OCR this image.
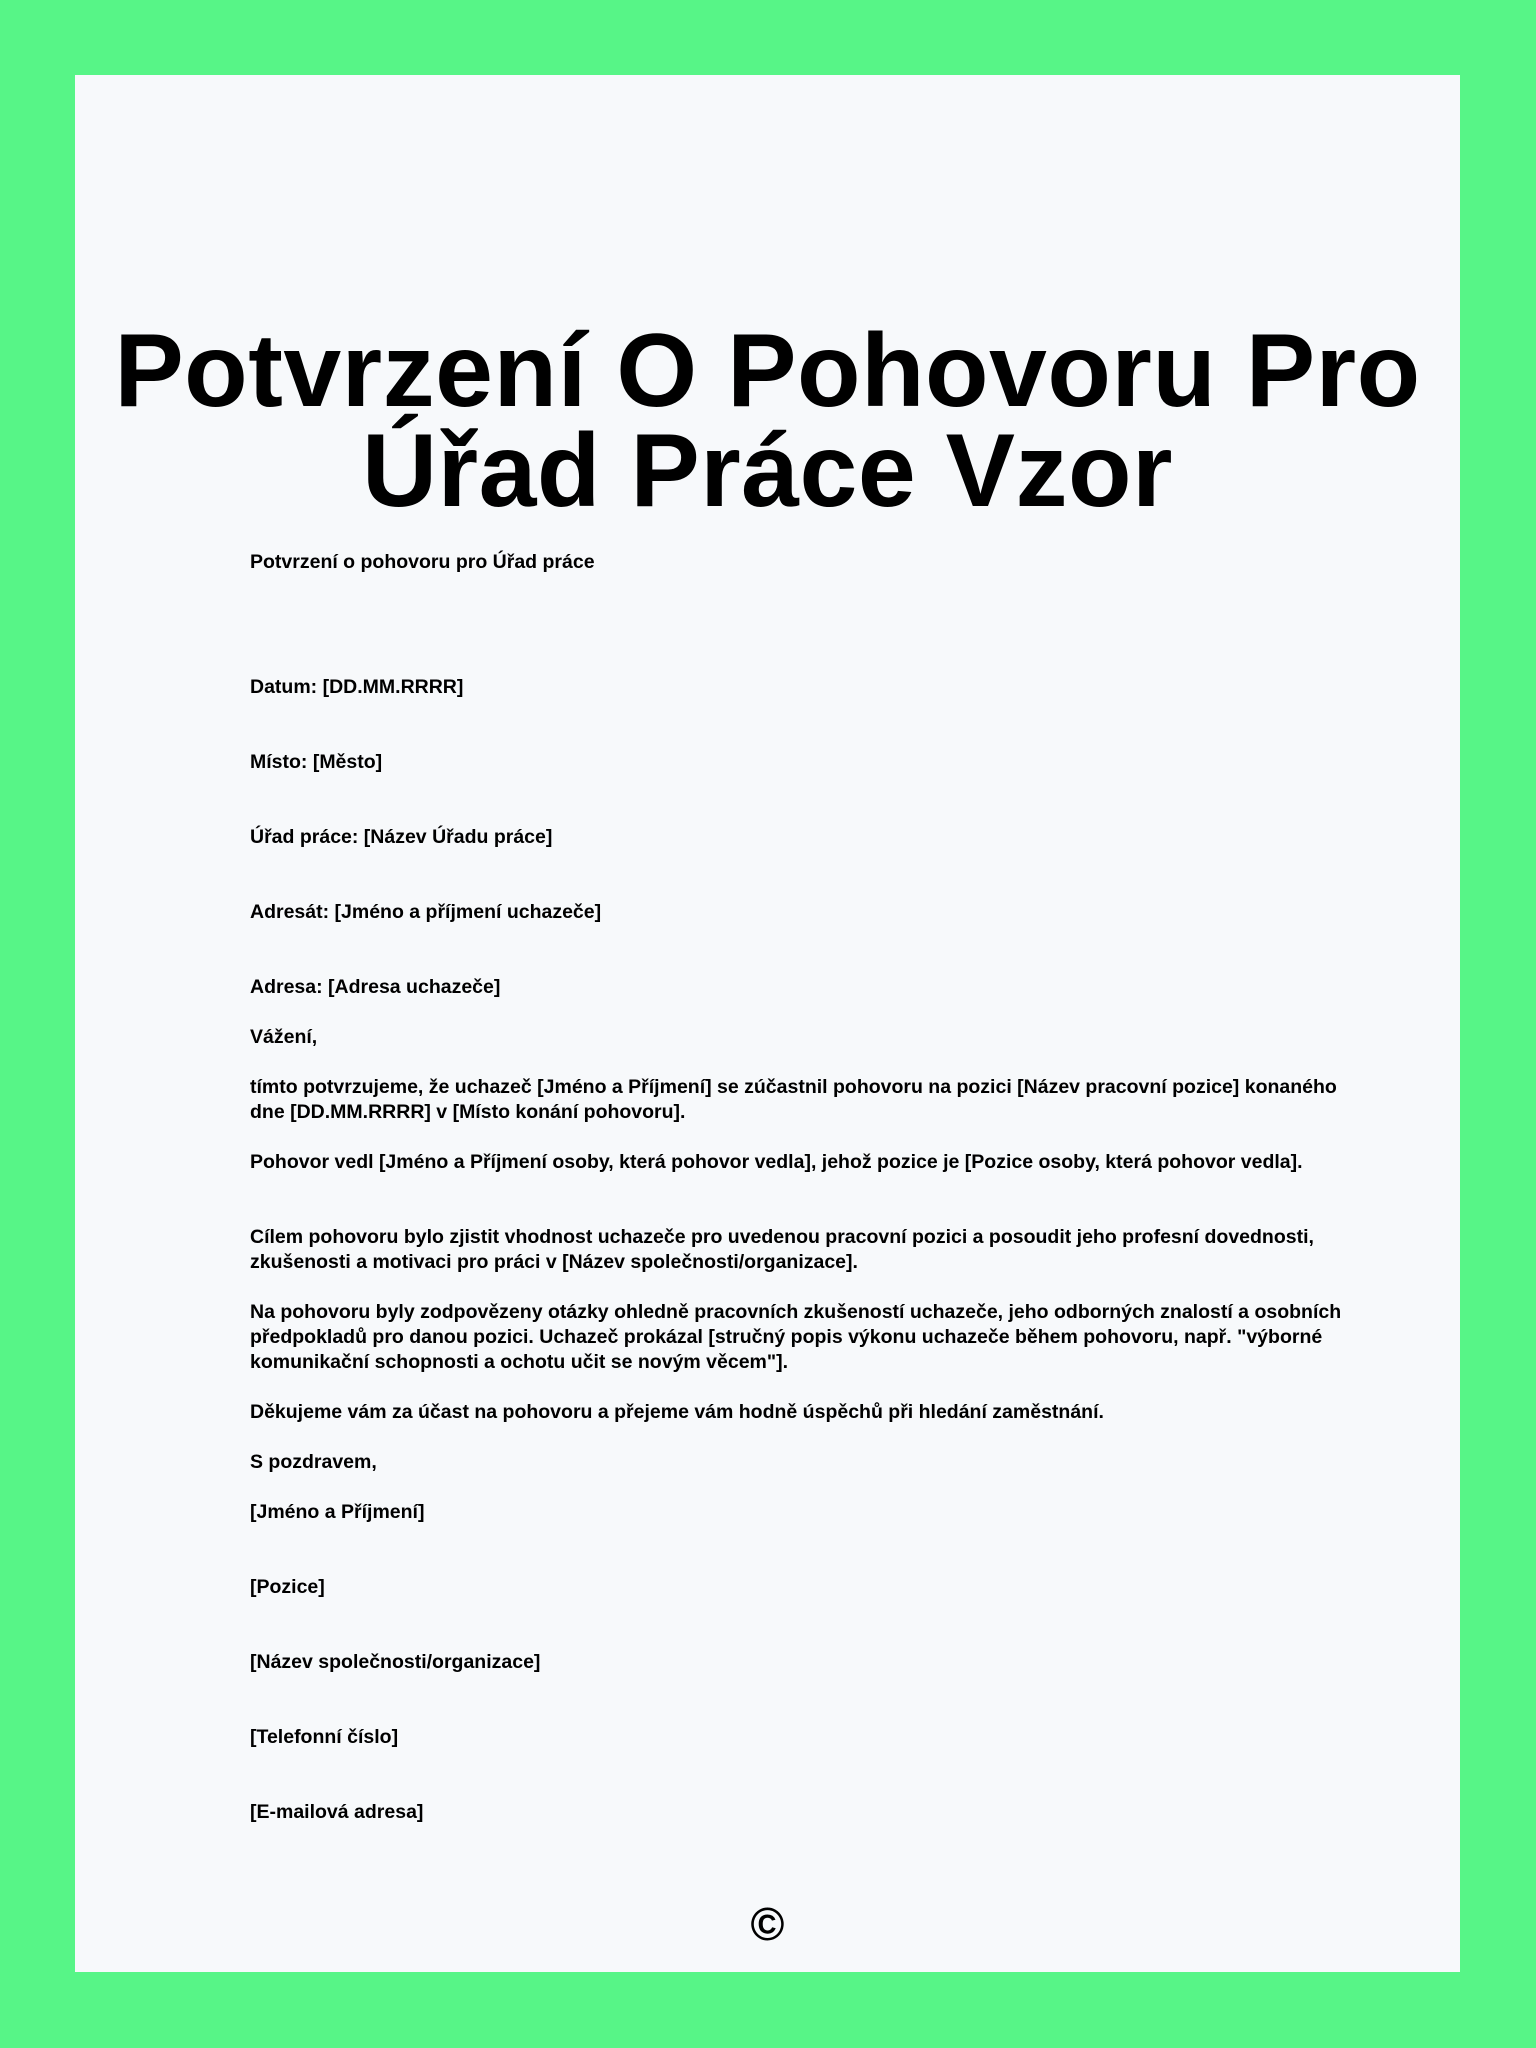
Potvrzení O Pohovoru Pro Úřad Práce Vzor

Potvrzení o pohovoru pro Úřad práce

Datum: [DD.MM.RRRR]

Místo: [Město]

Úřad práce: [Název Úřadu práce]

Adresát: [Jméno a příjmení uchazeče]

Adresa: [Adresa uchazeče]

Vážení,

tímto potvrzujeme, že uchazeč [Jméno a Příjmení] se zúčastnil pohovoru na pozici [Název pracovní pozice] konaného dne [DD.MM.RRRR] v [Místo konání pohovoru].

Pohovor vedl [Jméno a Příjmení osoby, která pohovor vedla], jehož pozice je [Pozice osoby, která pohovor vedla].

Cílem pohovoru bylo zjistit vhodnost uchazeče pro uvedenou pracovní pozici a posoudit jeho profesní dovednosti, zkušenosti a motivaci pro práci v [Název společnosti/organizace].

Na pohovoru byly zodpovězeny otázky ohledně pracovních zkušeností uchazeče, jeho odborných znalostí a osobních předpokladů pro danou pozici. Uchazeč prokázal [stručný popis výkonu uchazeče během pohovoru, např. "výborné komunikační schopnosti a ochotu učit se novým věcem"].

Děkujeme vám za účast na pohovoru a přejeme vám hodně úspěchů při hledání zaměstnání.

S pozdravem,

[Jméno a Příjmení]

[Pozice]

[Název společnosti/organizace]

[Telefonní číslo]

[E-mailová adresa]

©
